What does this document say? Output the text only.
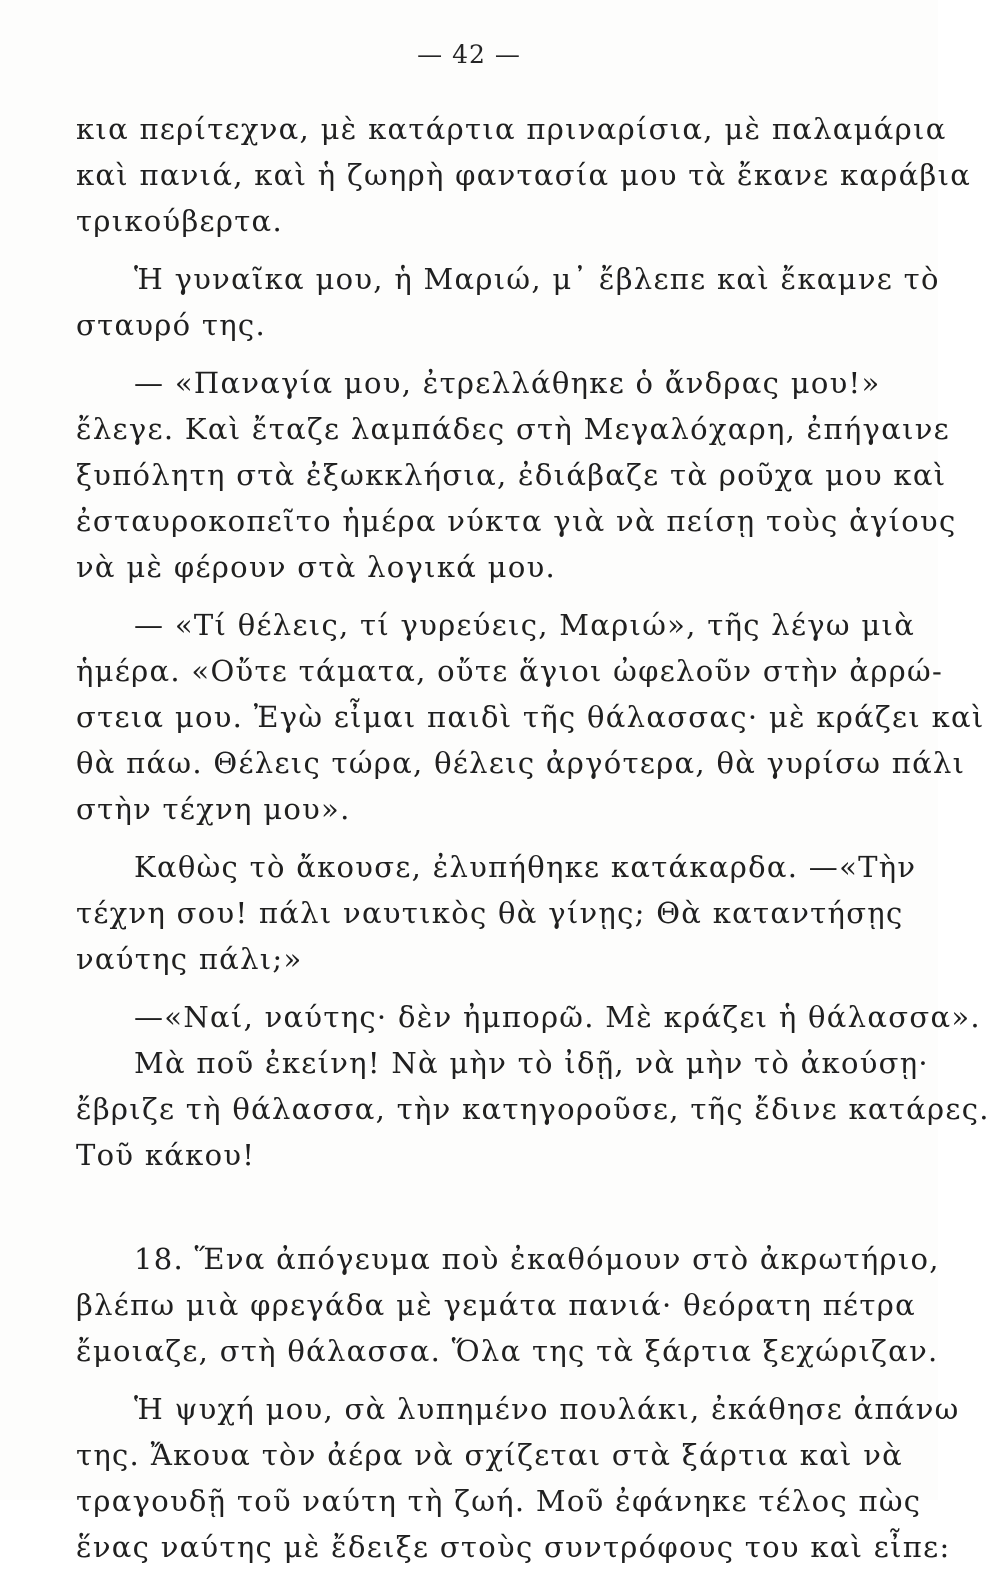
— 42 —
κια περίτεχνα, μὲ κατάρτια πριναρίσια, μὲ παλαμάρια
καὶ πανιά, καὶ ἡ ζωηρὴ φαντασία μου τὰ ἔκανε καράβια
τρικούβερτα.
Ἡ γυναῖκα μου, ἡ Μαριώ, μ᾽ ἔβλεπε καὶ ἔκαμνε τὸ
σταυρό της.
— «Παναγία μου, ἐτρελλάθηκε ὁ ἄνδρας μου!»
ἔλεγε. Καὶ ἔταζε λαμπάδες στὴ Μεγαλόχαρη, ἐπήγαινε
ξυπόλητη στὰ ἐξωκκλήσια, ἐδιάβαζε τὰ ροῦχα μου καὶ
ἐσταυροκοπεῖτο ἡμέρα νύκτα γιὰ νὰ πείσῃ τοὺς ἁγίους
νὰ μὲ φέρουν στὰ λογικά μου.
— «Τί θέλεις, τί γυρεύεις, Μαριώ», τῆς λέγω μιὰ
ἡμέρα. «Οὔτε τάματα, οὔτε ἅγιοι ὠφελοῦν στὴν ἀρρώ-
στεια μου. Ἐγὼ εἶμαι παιδὶ τῆς θάλασσας· μὲ κράζει καὶ
θὰ πάω. Θέλεις τώρα, θέλεις ἀργότερα, θὰ γυρίσω πάλι
στὴν τέχνη μου».
Καθὼς τὸ ἄκουσε, ἐλυπήθηκε κατάκαρδα. —«Τὴν
τέχνη σου! πάλι ναυτικὸς θὰ γίνῃς; Θὰ καταντήσῃς
ναύτης πάλι;»
—«Ναί, ναύτης· δὲν ἠμπορῶ. Μὲ κράζει ἡ θάλασσα».
Μὰ ποῦ ἐκείνη! Νὰ μὴν τὸ ἰδῇ, νὰ μὴν τὸ ἀκούσῃ·
ἔβριζε τὴ θάλασσα, τὴν κατηγοροῦσε, τῆς ἔδινε κατάρες.
Τοῦ κάκου!
18. Ἕνα ἀπόγευμα ποὺ ἐκαθόμουν στὸ ἀκρωτήριο,
βλέπω μιὰ φρεγάδα μὲ γεμάτα πανιά· θεόρατη πέτρα
ἔμοιαζε, στὴ θάλασσα. Ὅλα της τὰ ξάρτια ξεχώριζαν.
Ἡ ψυχή μου, σὰ λυπημένο πουλάκι, ἐκάθησε ἀπάνω
της. Ἄκουα τὸν ἀέρα νὰ σχίζεται στὰ ξάρτια καὶ νὰ
τραγουδῇ τοῦ ναύτη τὴ ζωή. Μοῦ ἐφάνηκε τέλος πὼς
ἕνας ναύτης μὲ ἔδειξε στοὺς συντρόφους του καὶ εἶπε:
